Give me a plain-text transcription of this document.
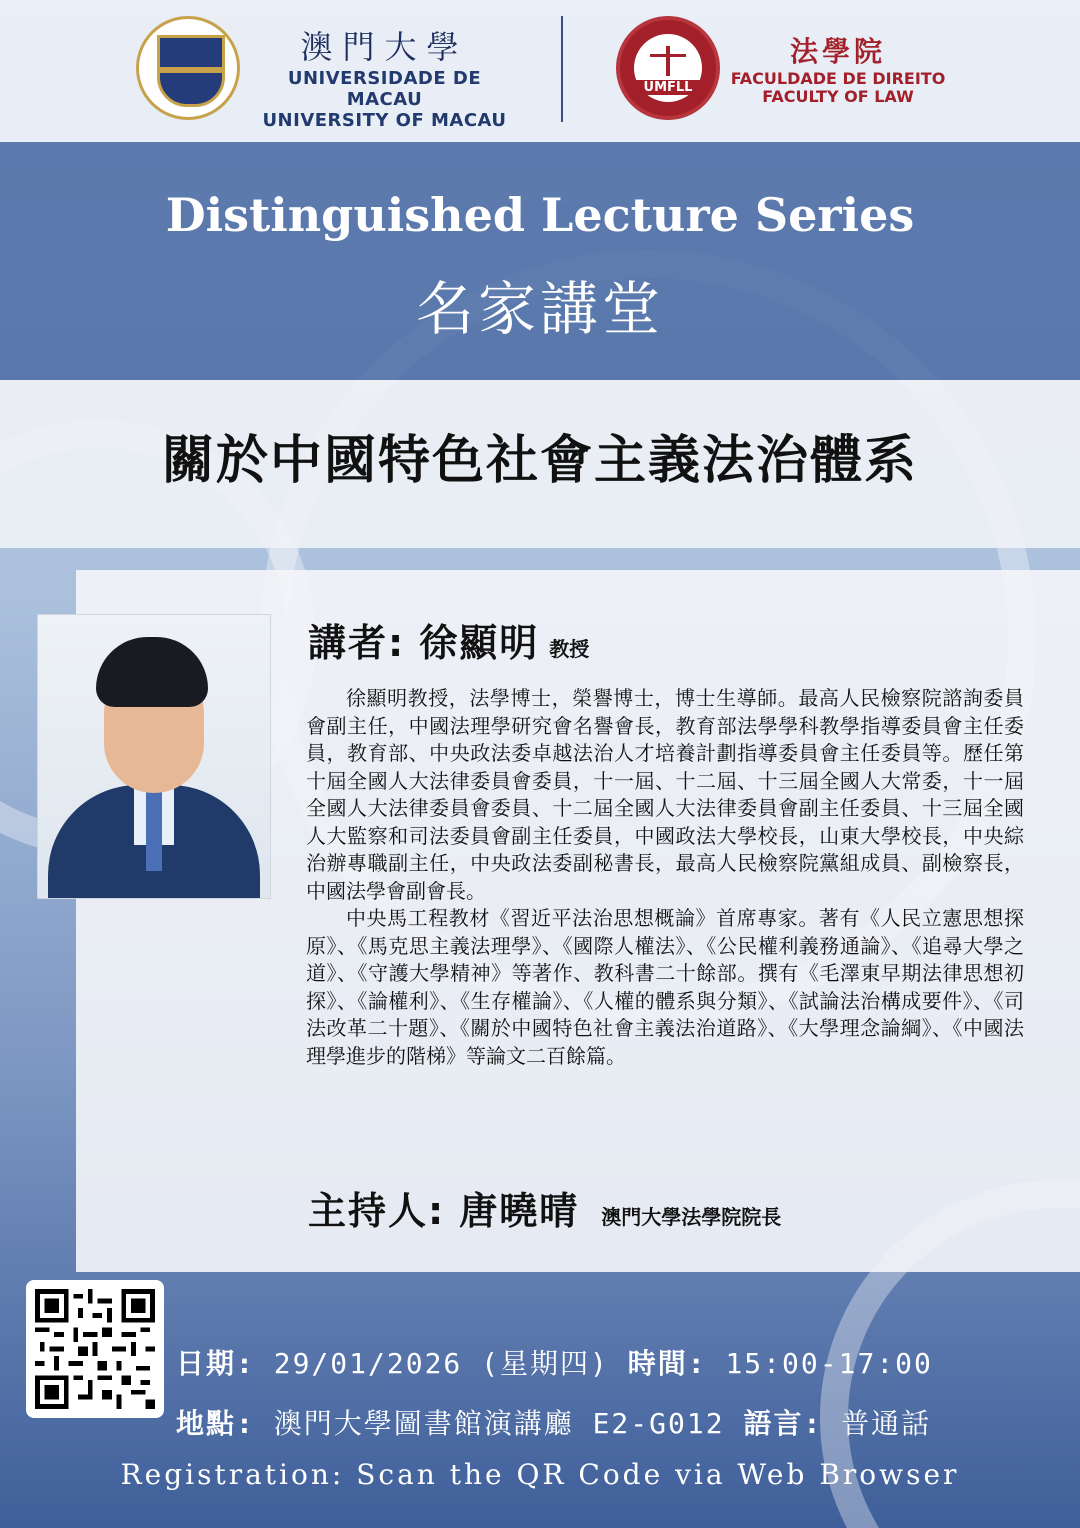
澳門大學
UNIVERSIDADE DE MACAU
UNIVERSITY OF MACAU
UMFLL
法學院
FACULDADE DE DIREITO
FACULTY OF LAW
Distinguished Lecture Series
名家講堂
關於中國特色社會主義法治體系
講者: 徐顯明 教授

徐顯明教授，法學博士，榮譽博士，博士生導師。最高人民檢察院諮詢委員會副主任，中國法理學研究會名譽會長，教育部法學學科教學指導委員會主任委員，教育部、中央政法委卓越法治人才培養計劃指導委員會主任委員等。歷任第十屆全國人大法律委員會委員，十一屆、十二屆、十三屆全國人大常委，十一屆全國人大法律委員會委員、十二屆全國人大法律委員會副主任委員、十三屆全國人大監察和司法委員會副主任委員，中國政法大學校長，山東大學校長，中央綜治辦專職副主任，中央政法委副秘書長，最高人民檢察院黨組成員、副檢察長，中國法學會副會長。

中央馬工程教材《習近平法治思想概論》首席專家。著有《人民立憲思想探原》、《馬克思主義法理學》、《國際人權法》、《公民權利義務通論》、《追尋大學之道》、《守護大學精神》等著作、教科書二十餘部。撰有《毛澤東早期法律思想初探》、《論權利》、《生存權論》、《人權的體系與分類》、《試論法治構成要件》、《司法改革二十題》、《關於中國特色社會主義法治道路》、《大學理念論綱》、《中國法理學進步的階梯》等論文二百餘篇。

主持人: 唐曉晴 澳門大學法學院院長
日期: 29/01/2026 (星期四) 時間: 15:00-17:00
地點: 澳門大學圖書館演講廳 E2-G012 語言: 普通話
Registration: Scan the QR Code via Web Browser
